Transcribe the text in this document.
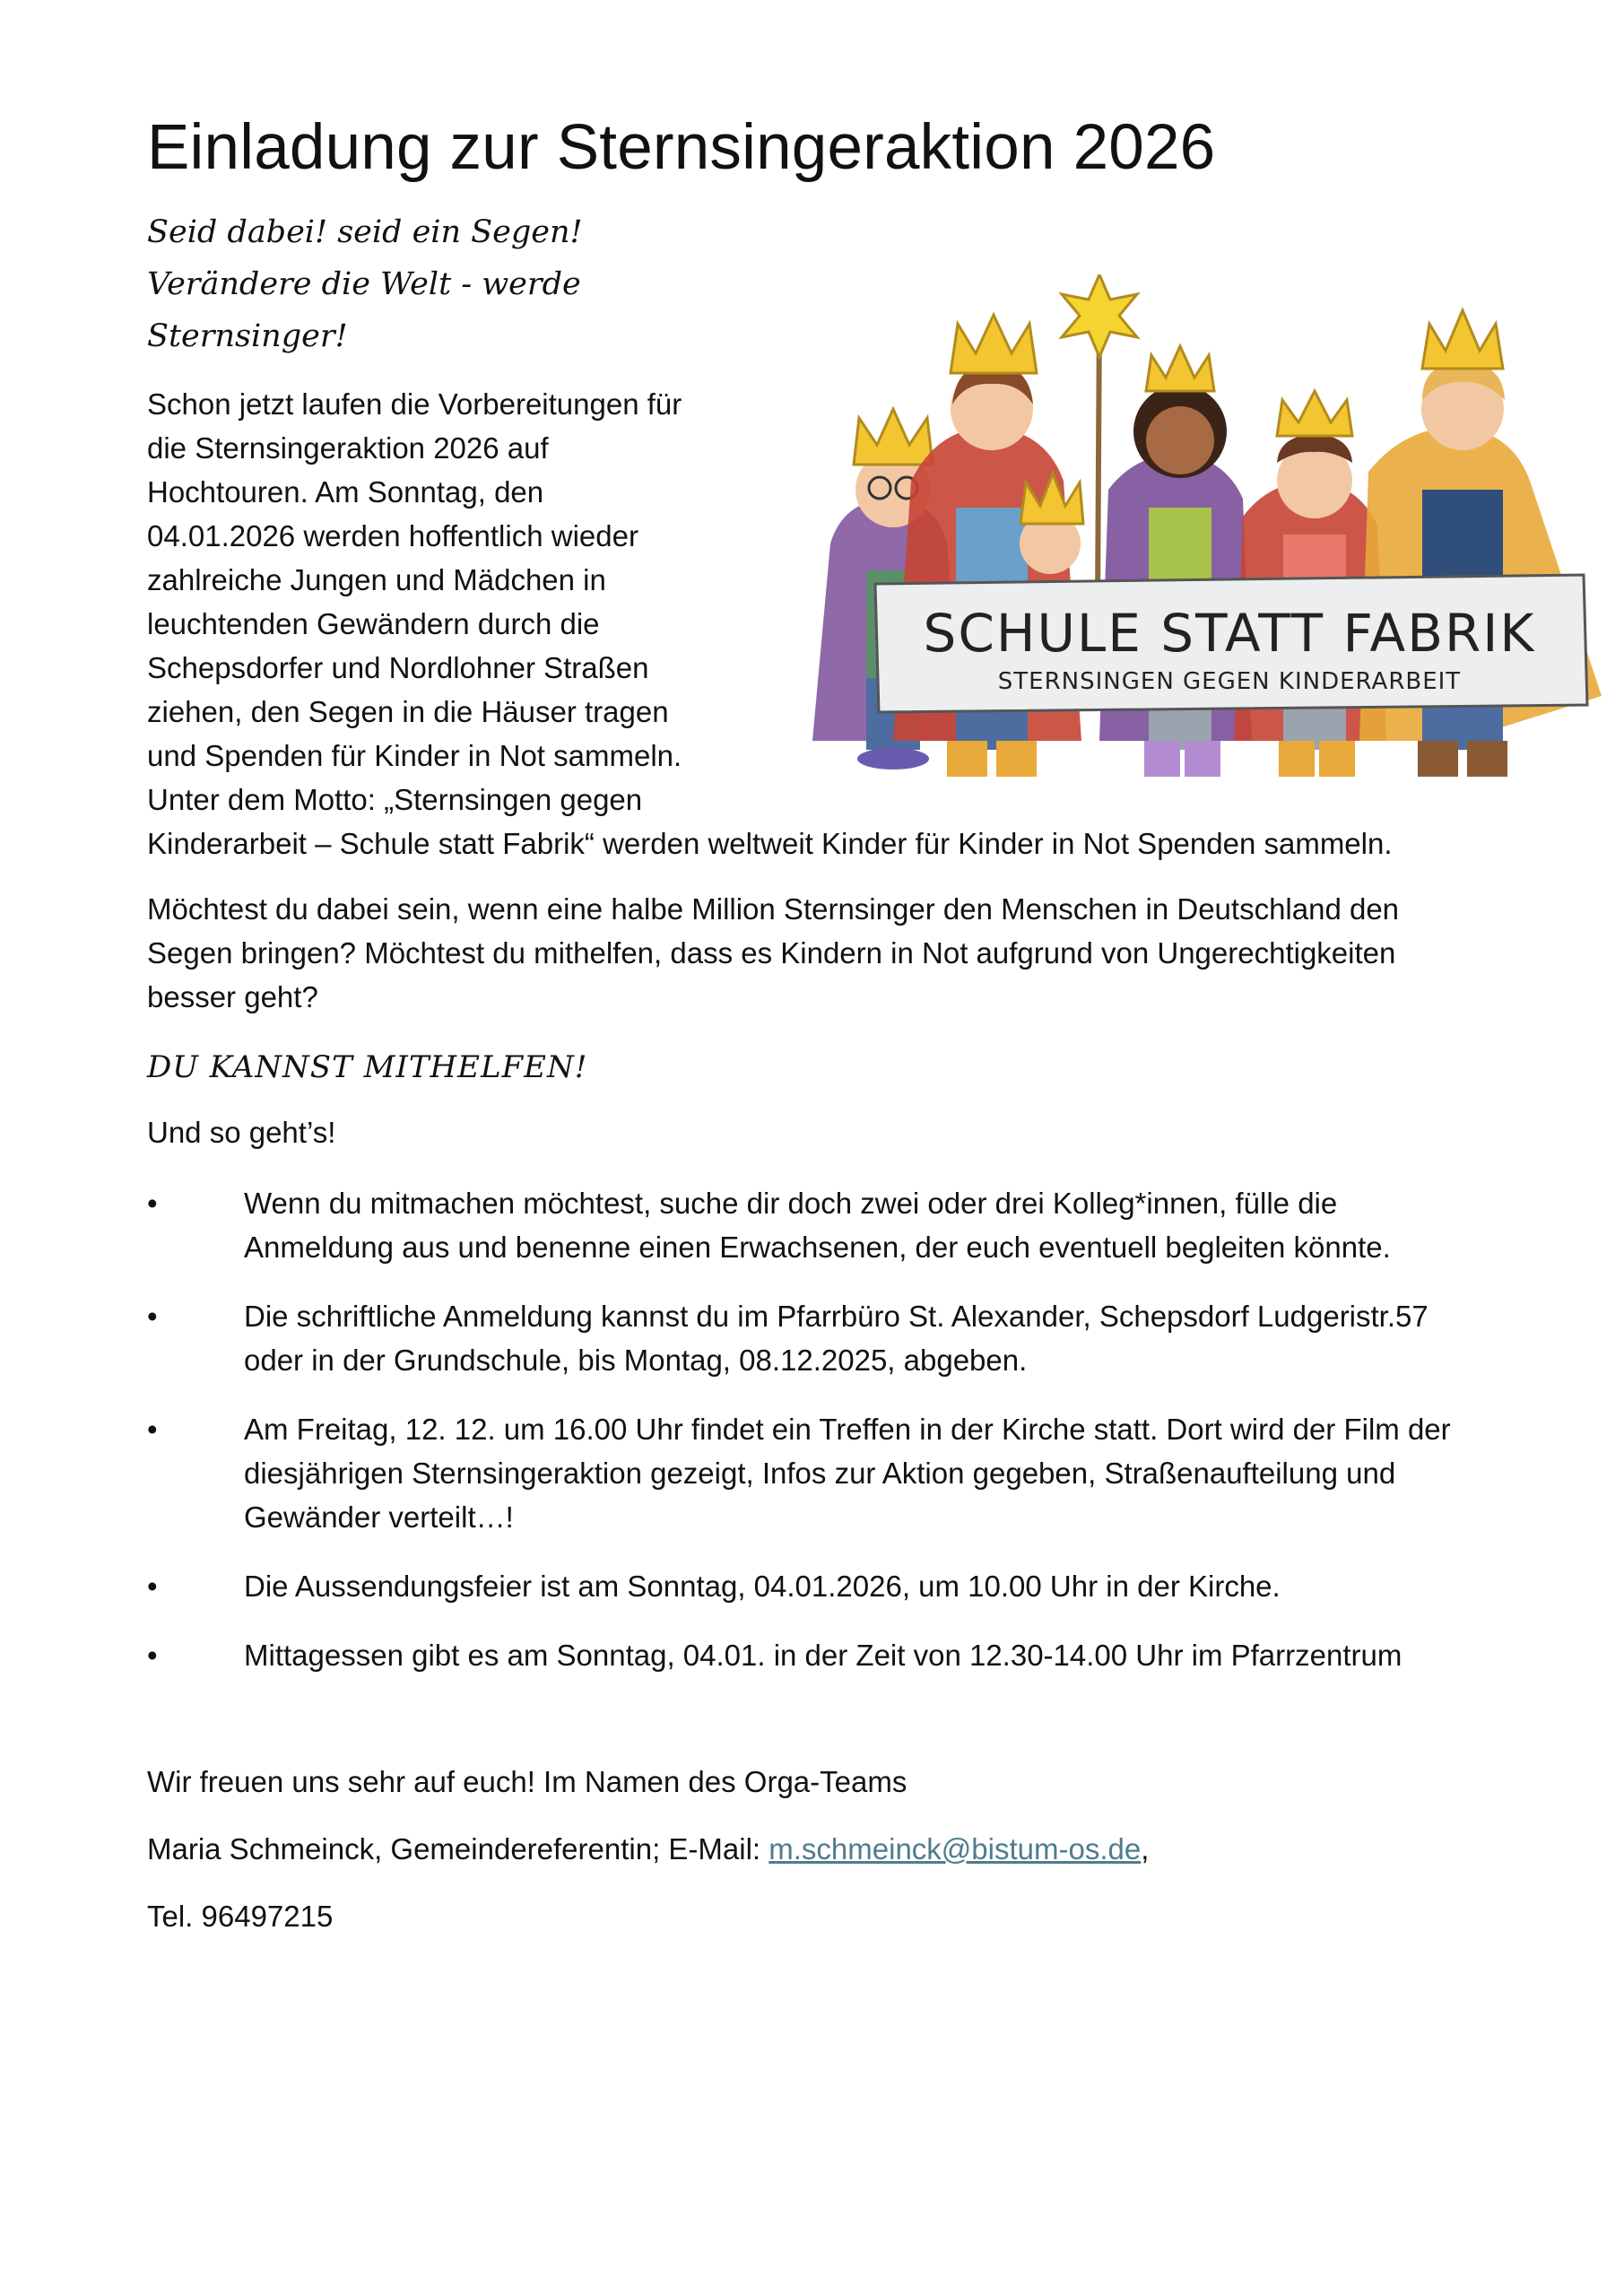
Einladung zur Sternsingeraktion 2026
Seid dabei! seid ein Segen!
Verändere die Welt - werde
Sternsinger!
Schon jetzt laufen die Vorbereitungen für
die Sternsingeraktion 2026 auf
Hochtouren. Am Sonntag, den
04.01.2026 werden hoffentlich wieder
zahlreiche Jungen und Mädchen in
leuchtenden Gewändern durch die
Schepsdorfer und Nordlohner Straßen
ziehen, den Segen in die Häuser tragen
und Spenden für Kinder in Not sammeln.
Unter dem Motto: „Sternsingen gegen
Kinderarbeit – Schule statt Fabrik“ werden weltweit Kinder für Kinder in Not Spenden sammeln.

Möchtest du dabei sein, wenn eine halbe Million Sternsinger den Menschen in Deutschland den Segen bringen? Möchtest du mithelfen, dass es Kindern in Not aufgrund von Ungerechtigkeiten besser geht?

DU KANNST MITHELFEN!
Und so geht’s!
•	Wenn du mitmachen möchtest, suche dir doch zwei oder drei Kolleg*innen, fülle die Anmeldung aus und benenne einen Erwachsenen, der euch eventuell begleiten könnte.
•	Die schriftliche Anmeldung kannst du im Pfarrbüro St. Alexander, Schepsdorf Ludgeristr.57 oder in der Grundschule, bis Montag, 08.12.2025, abgeben.
•	Am Freitag, 12. 12. um 16.00 Uhr findet ein Treffen in der Kirche statt. Dort wird der Film der diesjährigen Sternsingeraktion gezeigt, Infos zur Aktion gegeben, Straßenaufteilung und Gewänder verteilt…!
•	Die Aussendungsfeier ist am Sonntag, 04.01.2026, um 10.00 Uhr in der Kirche.
•	Mittagessen gibt es am Sonntag, 04.01. in der Zeit von 12.30-14.00 Uhr im Pfarrzentrum

Wir freuen uns sehr auf euch! Im Namen des Orga-Teams

Maria Schmeinck, Gemeindereferentin; E-Mail: m.schmeinck@bistum-os.de,

Tel. 96497215

SCHULE STATT FABRIK
STERNSINGEN GEGEN KINDERARBEIT
